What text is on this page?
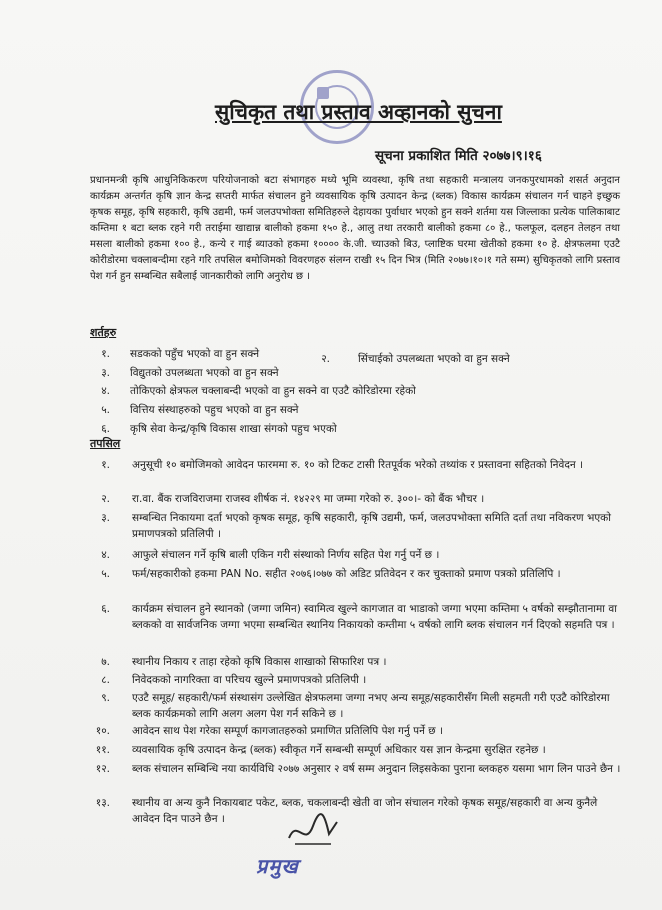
सुचिकृत तथा प्रस्ताव अव्हानको सुचना
सूचना प्रकाशित मिति २०७७।९।१६
प्रधानमन्त्री कृषि आधुनिकिकरण परियोजनाको बटा संभागहरु मध्ये भूमि व्यवस्था, कृषि तथा सहकारी मन्त्रालय जनकपुरधामको शसर्त अनुदान कार्यक्रम अन्तर्गत कृषि ज्ञान केन्द्र सप्तरी मार्फत संचालन हुने व्यवसायिक कृषि उत्पादन केन्द्र (ब्लक) विकास कार्यक्रम संचालन गर्न चाहने इच्छुक कृषक समूह, कृषि सहकारी, कृषि उद्यमी, फर्म जलउपभोक्ता समितिहरुले देहायका पुर्वाधार भएको हुन सक्ने शर्तमा यस जिल्लाका प्रत्येक पालिकाबाट कम्तिमा १ बटा ब्लक रहने गरी तराईमा खाद्यान्न बालीको हकमा १५० हे., आलु तथा तरकारी बालीको हकमा ८० हे., फलफूल, दलहन तेलहन तथा मसला बालीको हकमा १०० हे., कन्ये र गाई ब्याउको हकमा १०००० के.जी. च्याउको बिउ, प्लाष्टिक घरमा खेतीको हकमा १० हे. क्षेत्रफलमा एउटै कोरीडोरमा चक्लाबन्दीमा रहने गरि तपसिल बमोजिमको विवरणहरु संलग्न राखी १५ दिन भित्र (मिति २०७७।१०।१ गते सम्म) सुचिकृतको लागि प्रस्ताव पेश गर्न हुन सम्बन्धित सबैलाई जानकारीको लागि अनुरोध छ ।
शर्तहरु
१. सडकको पहुँच भएको वा हुन सक्ने	२.	सिंचाईको उपलब्धता भएको वा हुन सक्ने
३. विद्युतको उपलब्धता भएको वा हुन सक्ने
४. तोकिएको क्षेत्रफल चक्लाबन्दी भएको वा हुन सक्ने वा एउटै कोरिडोरमा रहेको
५. वित्तिय संस्थाहरुको पहुच भएको वा हुन सक्ने
६. कृषि सेवा केन्द्र/कृषि विकास शाखा संगको पहुच भएको
तपसिल
१. अनुसूची १० बमोजिमको आवेदन फारममा रु. १० को टिकट टासी रितपूर्वक भरेको तथ्यांक र प्रस्तावना सहितको निवेदन ।
२. रा.वा. बैंक राजविराजमा राजस्व शीर्षक नं. १४२२९ मा जम्मा गरेको रु. ३००।- को बैंक भौचर ।
३. सम्बन्धित निकायमा दर्ता भएको कृषक समूह, कृषि सहकारी, कृषि उद्यमी, फर्म, जलउपभोक्ता समिति दर्ता तथा नविकरण भएको प्रमाणपत्रको प्रतिलिपी ।
४. आफुले संचालन गर्ने कृषि बाली एकिन गरी संस्थाको निर्णय सहित पेश गर्नु पर्ने छ ।
५. फर्म/सहकारीको हकमा PAN No. सहीत २०७६।०७७ को अडिट प्रतिवेदन र कर चुक्ताको प्रमाण पत्रको प्रतिलिपि ।
६. कार्यक्रम संचालन हुने स्थानको (जग्गा जमिन) स्वामित्व खुल्ने कागजात वा भाडाको जग्गा भएमा कम्तिमा ५ वर्षको सम्झौतानामा वा ब्लकको वा सार्वजनिक जग्गा भएमा सम्बन्धित स्थानिय निकायको कम्तीमा ५ वर्षको लागि ब्लक संचालन गर्न दिएको सहमति पत्र ।
७. स्थानीय निकाय र ताहा रहेको कृषि विकास शाखाको सिफारिश पत्र ।
८. निवेदकको नागरिक्ता वा परिचय खुल्ने प्रमाणपत्रको प्रतिलिपी ।
९. एउटै समूह/ सहकारी/फर्म संस्थासंग उल्लेखित क्षेत्रफलमा जग्गा नभए अन्य समूह/सहकारीसँग मिली सहमती गरी एउटै कोरिडोरमा ब्लक कार्यक्रमको लागि अलग अलग पेश गर्न सकिने छ ।
१०. आवेदन साथ पेश गरेका सम्पूर्ण कागजातहरुको प्रमाणित प्रतिलिपि पेश गर्नु पर्ने छ ।
११. व्यवसायिक कृषि उत्पादन केन्द्र (ब्लक) स्वीकृत गर्ने सम्बन्धी सम्पूर्ण अधिकार यस ज्ञान केन्द्रमा सुरक्षित रहनेछ ।
१२. ब्लक संचालन सम्बिन्धि नया कार्यविधि २०७७ अनुसार २ वर्ष सम्म अनुदान लिइसकेका पुराना ब्लकहरु यसमा भाग लिन पाउने छैन ।
१३. स्थानीय वा अन्य कुनै निकायबाट पकेट, ब्लक, चकलाबन्दी खेती वा जोन संचालन गरेको कृषक समूह/सहकारी वा अन्य कुनैले आवेदन दिन पाउने छैन ।
प्रमुख
